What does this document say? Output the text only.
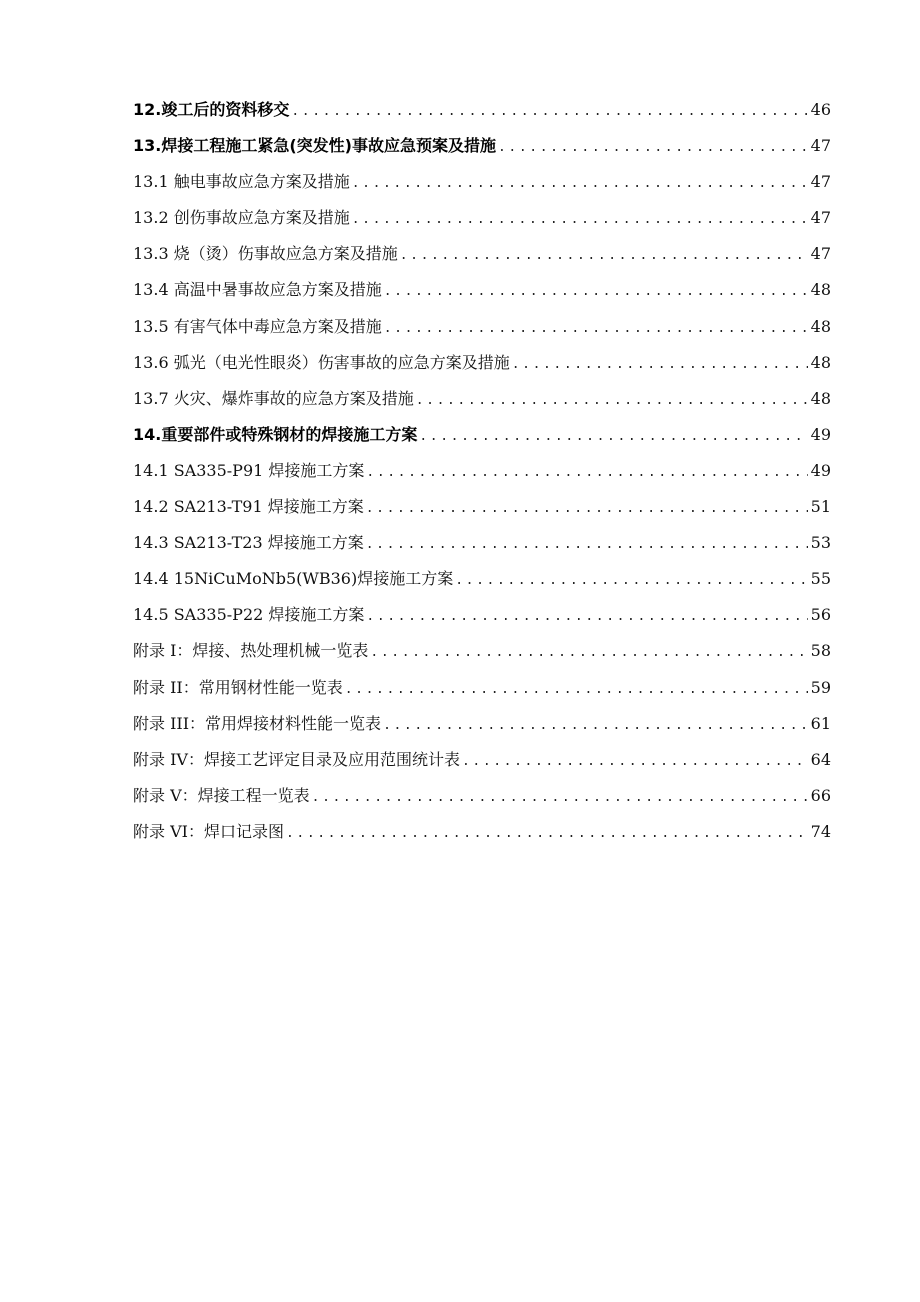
12.竣工后的资料移交 .....	46
13.焊接工程施工紧急(突发性)事故应急预案及措施 .....	47
13.1 触电事故应急方案及措施 .....	47
13.2 创伤事故应急方案及措施 .....	47
13.3 烧（烫）伤事故应急方案及措施 .....	47
13.4 高温中暑事故应急方案及措施 .....	48
13.5 有害气体中毒应急方案及措施 .....	48
13.6 弧光（电光性眼炎）伤害事故的应急方案及措施 .....	48
13.7 火灾、爆炸事故的应急方案及措施 .....	48
14.重要部件或特殊钢材的焊接施工方案 .....	49
14.1 SA335-P91 焊接施工方案 .....	49
14.2 SA213-T91 焊接施工方案 .....	51
14.3 SA213-T23 焊接施工方案 .....	53
14.4 15NiCuMoNb5(WB36)焊接施工方案 .....	55
14.5 SA335-P22 焊接施工方案 .....	56
附录 I：焊接、热处理机械一览表 .....	58
附录 II：常用钢材性能一览表 .....	59
附录 III：常用焊接材料性能一览表 .....	61
附录 IV：焊接工艺评定目录及应用范围统计表 .....	64
附录 V：焊接工程一览表 .....	66
附录 VI：焊口记录图 .....	74
